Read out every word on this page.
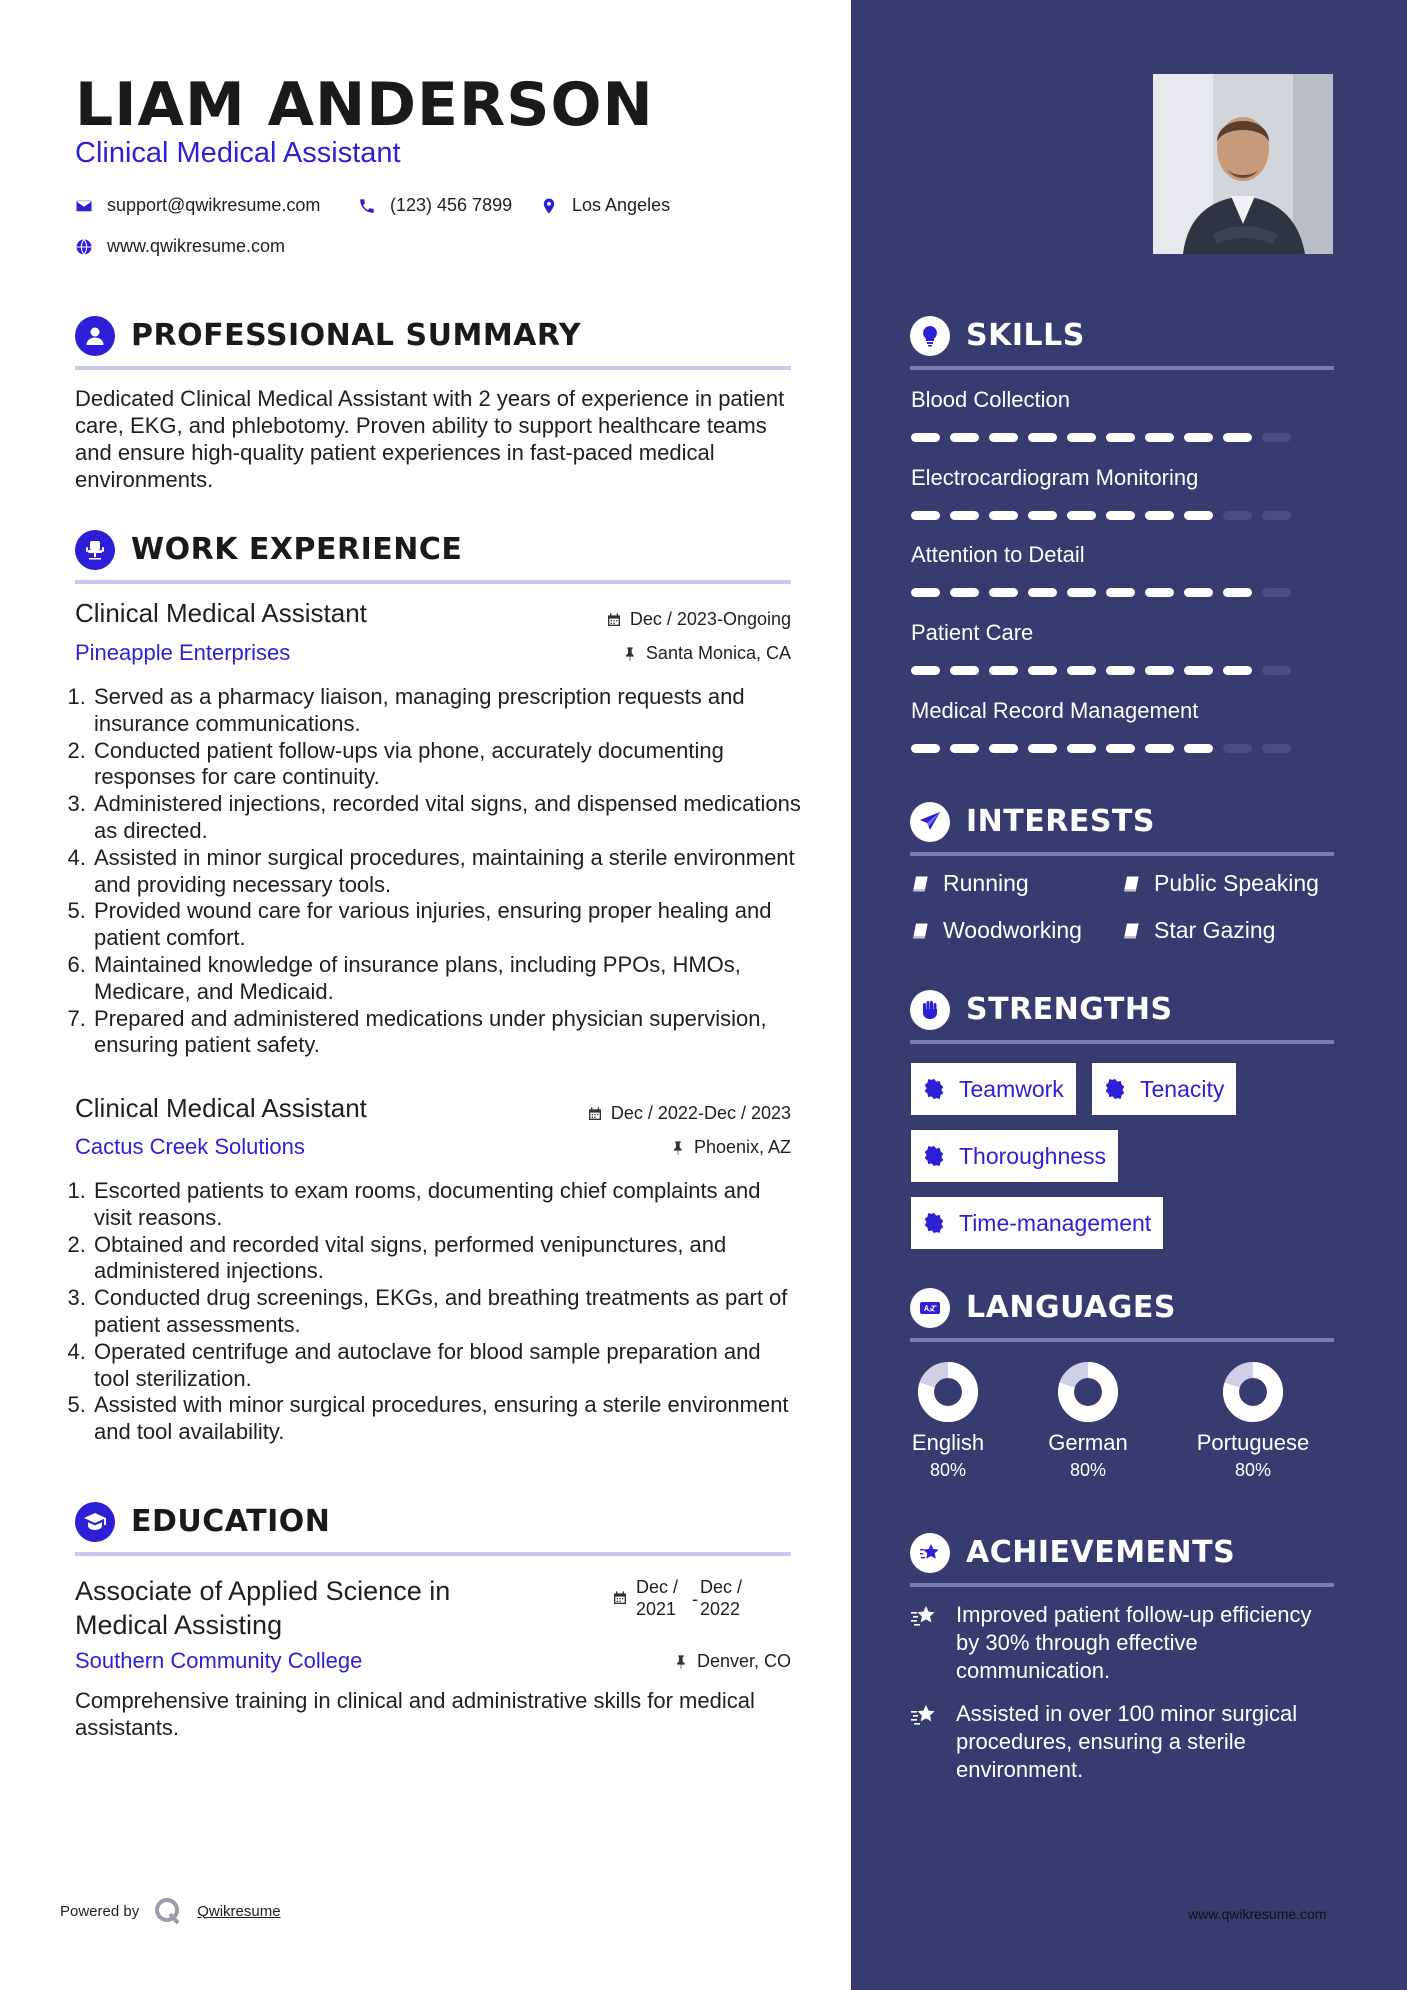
LIAM ANDERSON
Clinical Medical Assistant
support@qwikresume.com	(123) 456 7899	Los Angeles
www.qwikresume.com
PROFESSIONAL SUMMARY
Dedicated Clinical Medical Assistant with 2 years of experience in patient care, EKG, and phlebotomy. Proven ability to support healthcare teams and ensure high-quality patient experiences in fast-paced medical environments.
WORK EXPERIENCE
Clinical Medical Assistant	Dec / 2023-Ongoing
Pineapple Enterprises	Santa Monica, CA
1. Served as a pharmacy liaison, managing prescription requests and insurance communications.
2. Conducted patient follow-ups via phone, accurately documenting responses for care continuity.
3. Administered injections, recorded vital signs, and dispensed medications as directed.
4. Assisted in minor surgical procedures, maintaining a sterile environment and providing necessary tools.
5. Provided wound care for various injuries, ensuring proper healing and patient comfort.
6. Maintained knowledge of insurance plans, including PPOs, HMOs, Medicare, and Medicaid.
7. Prepared and administered medications under physician supervision, ensuring patient safety.
Clinical Medical Assistant	Dec / 2022-Dec / 2023
Cactus Creek Solutions	Phoenix, AZ
1. Escorted patients to exam rooms, documenting chief complaints and visit reasons.
2. Obtained and recorded vital signs, performed venipunctures, and administered injections.
3. Conducted drug screenings, EKGs, and breathing treatments as part of patient assessments.
4. Operated centrifuge and autoclave for blood sample preparation and tool sterilization.
5. Assisted with minor surgical procedures, ensuring a sterile environment and tool availability.
EDUCATION
Associate of Applied Science in Medical Assisting
Dec /
2021 -
Dec /
2022
Southern Community College	Denver, CO
Comprehensive training in clinical and administrative skills for medical assistants.
Powered by	Qwikresume
SKILLS
Blood Collection
Electrocardiogram Monitoring
Attention to Detail
Patient Care
Medical Record Management
INTERESTS
Running	Public Speaking
Woodworking	Star Gazing
STRENGTHS
Teamwork	Tenacity
Thoroughness
Time-management
LANGUAGES
English
80%
German
80%
Portuguese
80%
ACHIEVEMENTS
Improved patient follow-up efficiency by 30% through effective communication.
Assisted in over 100 minor surgical procedures, ensuring a sterile environment.
www.qwikresume.com
